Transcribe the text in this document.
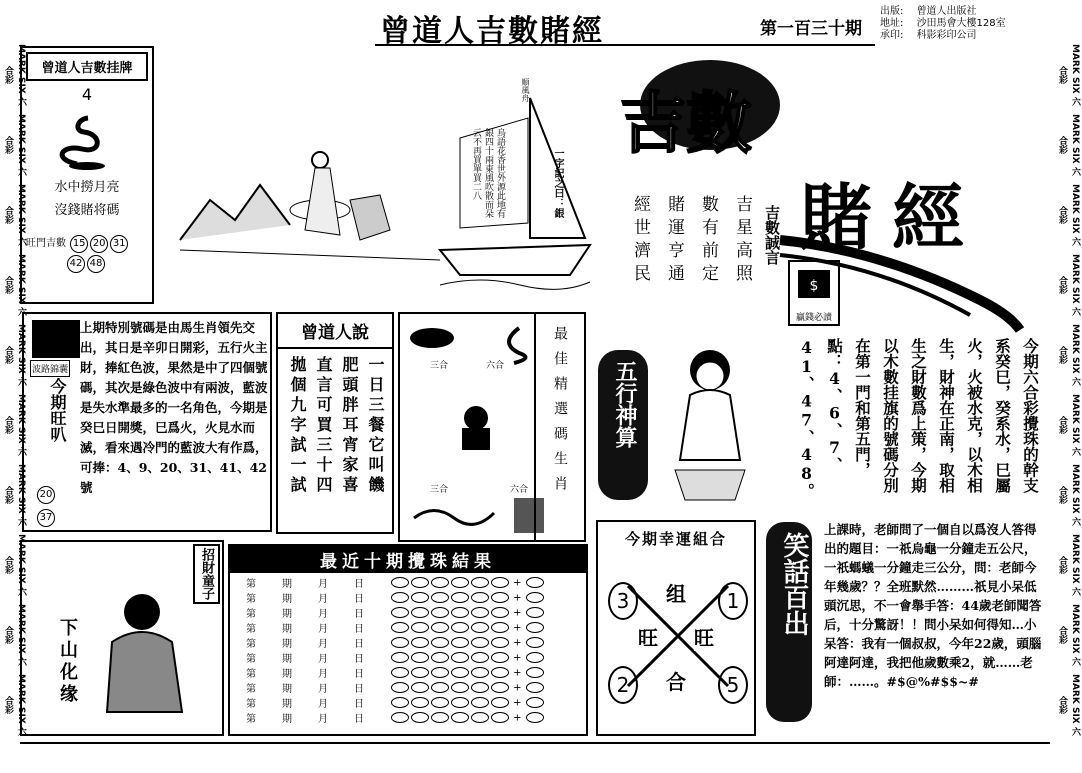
MARK SIX 六合彩
MARK SIX 六合彩
MARK SIX 六合彩
MARK SIX 六合彩
MARK SIX 六合彩
MARK SIX 六合彩
MARK SIX 六合彩
MARK SIX 六合彩
MARK SIX 六合彩
MARK SIX 六合彩
MARK SIX 六合彩
MARK SIX 六合彩
MARK SIX 六合彩
MARK SIX 六合彩
MARK SIX 六合彩
MARK SIX 六合彩
MARK SIX 六合彩
MARK SIX 六合彩
MARK SIX 六合彩
MARK SIX 六合彩
曾道人吉數賭經	第一百三十期
出版: 曾道人出版社
地址: 沙田馬會大樓128室
承印: 科影彩印公司
曾道人吉數挂牌
4
水中撈月亮
沒錢賭将碼
旺門吉數 15 20 31
42 48
烏語花香世外源此地有銀四十兩東風吹散而朵云不再買單買二八	一字記之曰：銀
順風舟 吉數
賭經
吉數誠言
吉星高照
數有前定
賭運亨通
經世濟民	$
贏錢必讀
波路錦囊
今期旺叭
20
37
上期特別號碼是由馬生肖領先交出，其日是辛卯日開彩，五行火主財，捧紅色波，果然是中了四個號碼，其次是綠色波中有兩波，藍波是失水準最多的一名角色，今期是癸巳日開獎，巳爲火，火見水而滅，看來遇冷門的藍波大有作爲，可捧：4、9、20、31、41、42號
曾道人說
一日三餐它叫饑
肥頭胖耳宵家喜
直言可買三十四
拋個九字試一試	三合	六合
三合	六合 最佳精選碼生肖 五行神算	今期六合彩攪珠的幹支系癸巳，癸系水，巳屬火，火被水克，以木相生，財神在正南，取相生之財數爲上策，今期以木數挂旗的號碼分別在第一門和第五門，點：4、6、7、41、47、48。
招財童子
下山化缘
最近十期攪珠結果
第	期	月	日	+
第	期	月	日	+
第	期	月	日	+
第	期	月	日	+
第	期	月	日	+
第	期	月	日	+
第	期	月	日	+
第	期	月	日	+
第	期	月	日	+
第	期	月	日	+
今期幸運組合
3	1
2	5
组
旺 旺
合
笑話百出
上課時，老師問了一個自以爲沒人答得出的題目：一祇烏龜一分鐘走五公尺，一祇螞蟻一分鐘走三公分，問：老師今年幾歲？？全班默然………祇見小呆低頭沉思，不一會舉手答：44歲老師聞答后，十分驚訝！！問小呆如何得知…小呆答：我有一個叔叔，今年22歲，頭腦阿達阿達，我把他歲數乘2，就……老師：……。#$@%#$$~#
